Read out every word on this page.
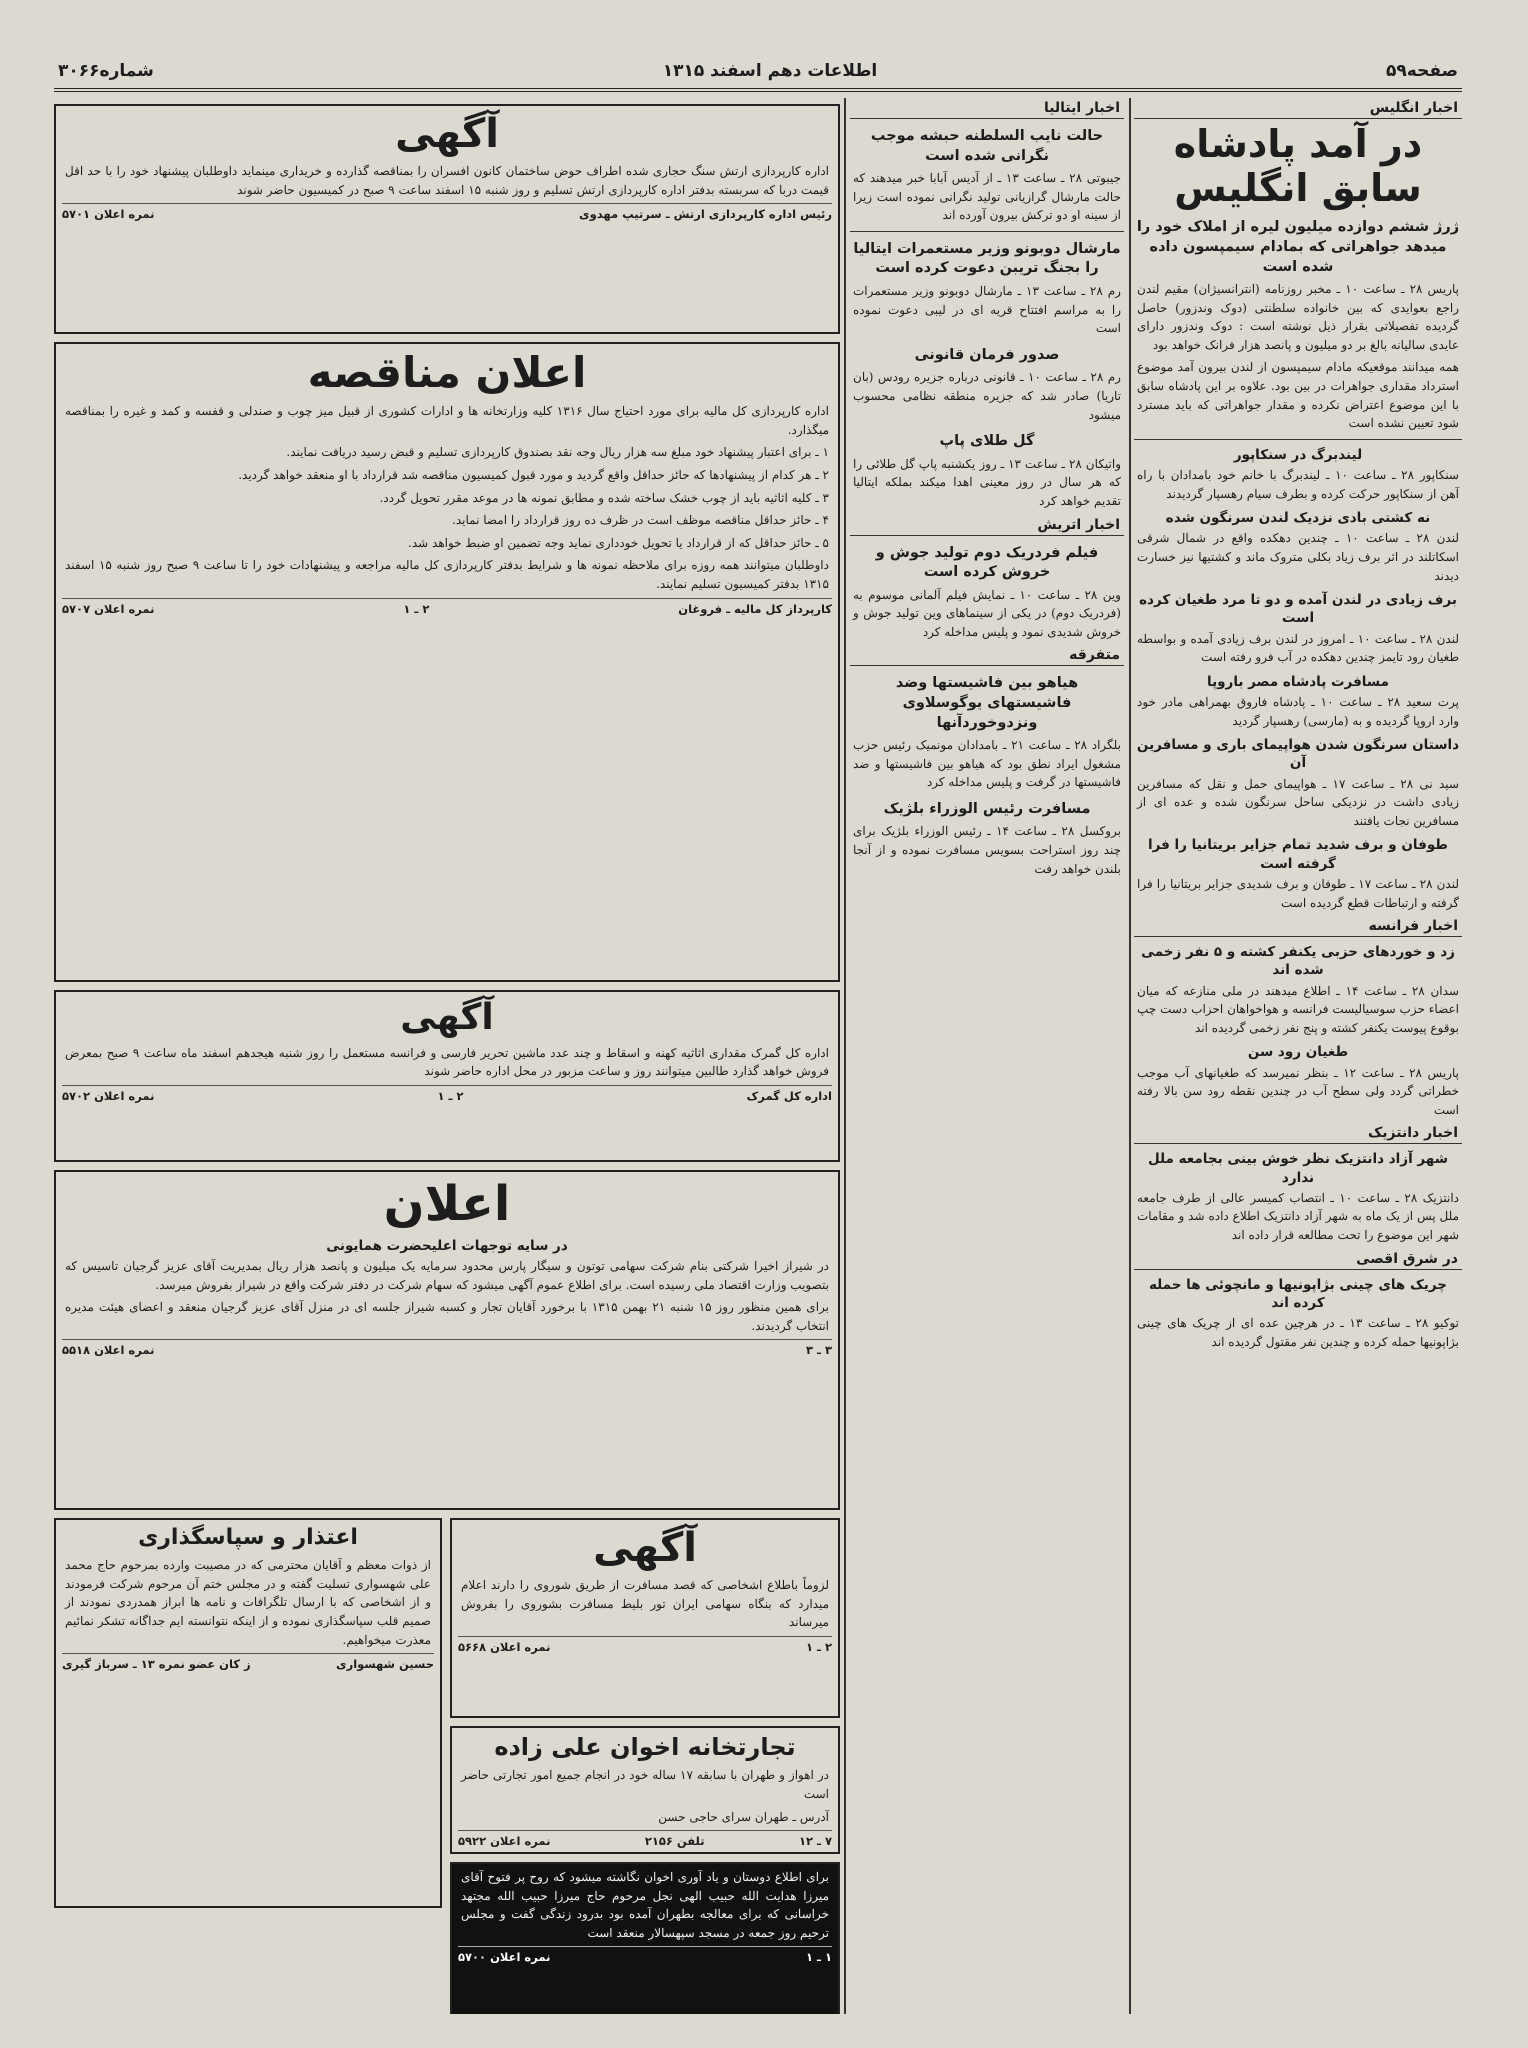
صفحه۵۹
اطلاعات دهم اسفند ۱۳۱۵
شماره۳۰۶۶
اخبار انگلیس
در آمد پادشاه سابق انگلیس
ژرژ ششم دوازده میلیون لیره از املاک خود را میدهد جواهراتی که بمادام سیمپسون داده شده است

پاریس ۲۸ ـ ساعت ۱۰ ـ مخبر روزنامه (انترانسیژان) مقیم لندن راجع بعوایدی که بین خانواده سلطنتی (دوک وندزور) حاصل گردیده تفصیلاتی بقرار ذیل نوشته است : دوک وندزور دارای عایدی سالیانه بالغ بر دو میلیون و پانصد هزار فرانک خواهد بود

همه میدانند موقعیکه مادام سیمپسون از لندن بیرون آمد موضوع استرداد مقداری جواهرات در بین بود. علاوه بر این پادشاه سابق با این موضوع اعتراض نکرده و مقدار جواهراتی که باید مسترد شود تعیین نشده است

لیندبرگ در سنکاپور

سنکاپور ۲۸ ـ ساعت ۱۰ ـ لیندبرگ با خانم خود بامدادان با راه آهن از سنکاپور حرکت کرده و بطرف سیام رهسپار گردیدند

نه کشتی بادی نزدیک لندن سرنگون شده

لندن ۲۸ ـ ساعت ۱۰ ـ چندین دهکده واقع در شمال شرقی اسکاتلند در اثر برف زیاد بکلی متروک ماند و کشتیها نیز خسارت دیدند

برف زیادی در لندن آمده و دو تا مرد طغیان کرده است

لندن ۲۸ ـ ساعت ۱۰ ـ امروز در لندن برف زیادی آمده و بواسطه طغیان رود تایمز چندین دهکده در آب فرو رفته است

مسافرت پادشاه مصر باروپا

پرت سعید ۲۸ ـ ساعت ۱۰ ـ پادشاه فاروق بهمراهی مادر خود وارد اروپا گردیده و به (مارسی) رهسپار گردید

داستان سرنگون شدن هواپیمای باری و مسافرین آن

سید نی ۲۸ ـ ساعت ۱۷ ـ هواپیمای حمل و نقل که مسافرین زیادی داشت در نزدیکی ساحل سرنگون شده و عده ای از مسافرین نجات یافتند

طوفان و برف شدید تمام جزایر بریتانیا را فرا گرفته است

لندن ۲۸ ـ ساعت ۱۷ ـ طوفان و برف شدیدی جزایر بریتانیا را فرا گرفته و ارتباطات قطع گردیده است

اخبار فرانسه
زد و خوردهای حزبی یکنفر کشته و ۵ نفر زخمی شده اند

سدان ۲۸ ـ ساعت ۱۴ ـ اطلاع میدهند در ملی منازعه که میان اعضاء حزب سوسیالیست فرانسه و هواخواهان احزاب دست چپ بوقوع پیوست یکنفر کشته و پنج نفر زخمی گردیده اند

طغیان رود سن

پاریس ۲۸ ـ ساعت ۱۲ ـ بنظر نمیرسد که طغیانهای آب موجب خطراتی گردد ولی سطح آب در چندین نقطه رود سن بالا رفته است

اخبار دانتزیک
شهر آزاد دانتزیک نظر خوش بینی بجامعه ملل ندارد

دانتزیک ۲۸ ـ ساعت ۱۰ ـ انتصاب کمیسر عالی از طرف جامعه ملل پس از یک ماه به شهر آزاد دانتزیک اطلاع داده شد و مقامات شهر این موضوع را تحت مطالعه قرار داده اند

در شرق اقصی
چریک های چینی بژاپونیها و مانچوئی ها حمله کرده اند

توکیو ۲۸ ـ ساعت ۱۳ ـ در هرچین عده ای از چریک های چینی بژاپونیها حمله کرده و چندین نفر مقتول گردیده اند

اخبار ایتالیا
حالت نایب السلطنه حبشه موجب نگرانی شده است

جیبوتی ۲۸ ـ ساعت ۱۳ ـ از آدیس آبابا خبر میدهند که حالت مارشال گرازیانی تولید نگرانی نموده است زیرا از سینه او دو ترکش بیرون آورده اند

مارشال دوبونو وزیر مستعمرات ایتالیا را بجنگ تریبن دعوت کرده است

رم ۲۸ ـ ساعت ۱۳ ـ مارشال دوبونو وزیر مستعمرات را به مراسم افتتاح قریه ای در لیبی دعوت نموده است

صدور فرمان قانونی

رم ۲۸ ـ ساعت ۱۰ ـ قانونی درباره جزیره رودس (بان تاریا) صادر شد که جزیره منطقه نظامی محسوب میشود

گل طلای پاپ

واتیکان ۲۸ ـ ساعت ۱۳ ـ روز یکشنبه پاپ گل طلائی را که هر سال در روز معینی اهدا میکند بملکه ایتالیا تقدیم خواهد کرد

اخبار اتریش
فیلم فردریک دوم تولید جوش و خروش کرده است

وین ۲۸ ـ ساعت ۱۰ ـ نمایش فیلم آلمانی موسوم به (فردریک دوم) در یکی از سینماهای وین تولید جوش و خروش شدیدی نمود و پلیس مداخله کرد

متفرقه
هیاهو بین فاشیستها وضد فاشیستهای یوگوسلاوی ونزدوخوردآنها

بلگراد ۲۸ ـ ساعت ۲۱ ـ بامدادان مونمیک رئیس حزب مشغول ایراد نطق بود که هیاهو بین فاشیستها و ضد فاشیستها در گرفت و پلیس مداخله کرد

مسافرت رئیس الوزراء بلژیک

بروکسل ۲۸ ـ ساعت ۱۴ ـ رئیس الوزراء بلژیک برای چند روز استراحت بسویس مسافرت نموده و از آنجا بلندن خواهد رفت

آگهی

اداره کارپردازی ارتش سنگ حجاری شده اطراف حوض ساختمان کانون افسران را بمناقصه گذارده و خریداری مینماید داوطلبان پیشنهاد خود را با حد اقل قیمت دربا که سربسته بدفتر اداره کارپردازی ارتش تسلیم و روز شنبه ۱۵ اسفند ساعت ۹ صبح در کمیسیون حاضر شوند

رئیس اداره کارپردازی ارتش ـ سرتیپ مهدوی
نمره اعلان ۵۷۰۱
اعلان مناقصه

اداره کارپردازی کل مالیه برای مورد احتیاج سال ۱۳۱۶ کلیه وزارتخانه ها و ادارات کشوری از قبیل میز چوب و صندلی و قفسه و کمد و غیره را بمناقصه میگذارد.

۱ ـ برای اعتبار پیشنهاد خود مبلغ سه هزار ریال وجه نقد بصندوق کارپردازی تسلیم و قبض رسید دریافت نمایند.

۲ ـ هر کدام از پیشنهادها که حائز حداقل واقع گردید و مورد قبول کمیسیون مناقصه شد قرارداد با او منعقد خواهد گردید.

۳ ـ کلیه اثاثیه باید از چوب خشک ساخته شده و مطابق نمونه ها در موعد مقرر تحویل گردد.

۴ ـ حائز حداقل مناقصه موظف است در ظرف ده روز قرارداد را امضا نماید.

۵ ـ حائز حداقل که از قرارداد یا تحویل خودداری نماید وجه تضمین او ضبط خواهد شد.

داوطلبان میتوانند همه روزه برای ملاحظه نمونه ها و شرایط بدفتر کارپردازی کل مالیه مراجعه و پیشنهادات خود را تا ساعت ۹ صبح روز شنبه ۱۵ اسفند ۱۳۱۵ بدفتر کمیسیون تسلیم نمایند.

کارپرداز کل مالیه ـ فروغان
۲ ـ ۱
نمره اعلان ۵۷۰۷
آگهی

اداره کل گمرک مقداری اثاثیه کهنه و اسقاط و چند عدد ماشین تحریر فارسی و فرانسه مستعمل را روز شنبه هیجدهم اسفند ماه ساعت ۹ صبح بمعرض فروش خواهد گذارد طالبین میتوانند روز و ساعت مزبور در محل اداره حاضر شوند

اداره کل گمرک
۲ ـ ۱
نمره اعلان ۵۷۰۲
اعلان
در سایه توجهات اعلیحضرت همایونی

در شیراز اخیرا شرکتی بنام شرکت سهامی توتون و سیگار پارس محدود سرمایه یک میلیون و پانصد هزار ریال بمدیریت آقای عزیز گرجیان تاسیس که بتصویب وزارت اقتصاد ملی رسیده است. برای اطلاع عموم آگهی میشود که سهام شرکت در دفتر شرکت واقع در شیراز بفروش میرسد.

برای همین منظور روز ۱۵ شنبه ۲۱ بهمن ۱۳۱۵ با برخورد آقایان تجار و کسبه شیراز جلسه ای در منزل آقای عزیز گرجیان منعقد و اعضای هیئت مدیره انتخاب گردیدند.

۳ ـ ۳
نمره اعلان ۵۵۱۸
آگهی

لزوماً باطلاع اشخاصی که قصد مسافرت از طریق شوروی را دارند اعلام میدارد که بنگاه سهامی ایران تور بلیط مسافرت بشوروی را بفروش میرساند

۲ ـ ۱
نمره اعلان ۵۶۶۸
اعتذار و سپاسگذاری

از ذوات معظم و آقایان محترمی که در مصیبت وارده بمرحوم حاج محمد علی شهسواری تسلیت گفته و در مجلس ختم آن مرحوم شرکت فرمودند و از اشخاصی که با ارسال تلگرافات و نامه ها ابراز همدردی نمودند از صمیم قلب سپاسگذاری نموده و از اینکه نتوانسته ایم جداگانه تشکر نمائیم معذرت میخواهیم.

حسین شهسواری
ز کان عضو نمره ۱۳ ـ سرباز گیری
تجارتخانه اخوان علی زاده

در اهواز و طهران با سابقه ۱۷ ساله خود در انجام جمیع امور تجارتی حاضر است

آدرس ـ طهران سرای حاجی حسن

۷ ـ ۱۲
تلفن ۲۱۵۶
نمره اعلان ۵۹۲۲

برای اطلاع دوستان و یاد آوری اخوان نگاشته میشود که روح پر فتوح آقای میرزا هدایت الله حبیب الهی نجل مرحوم حاج میرزا حبیب الله مجتهد خراسانی که برای معالجه بطهران آمده بود بدرود زندگی گفت و مجلس ترحیم روز جمعه در مسجد سپهسالار منعقد است

۱ ـ ۱
نمره اعلان ۵۷۰۰
